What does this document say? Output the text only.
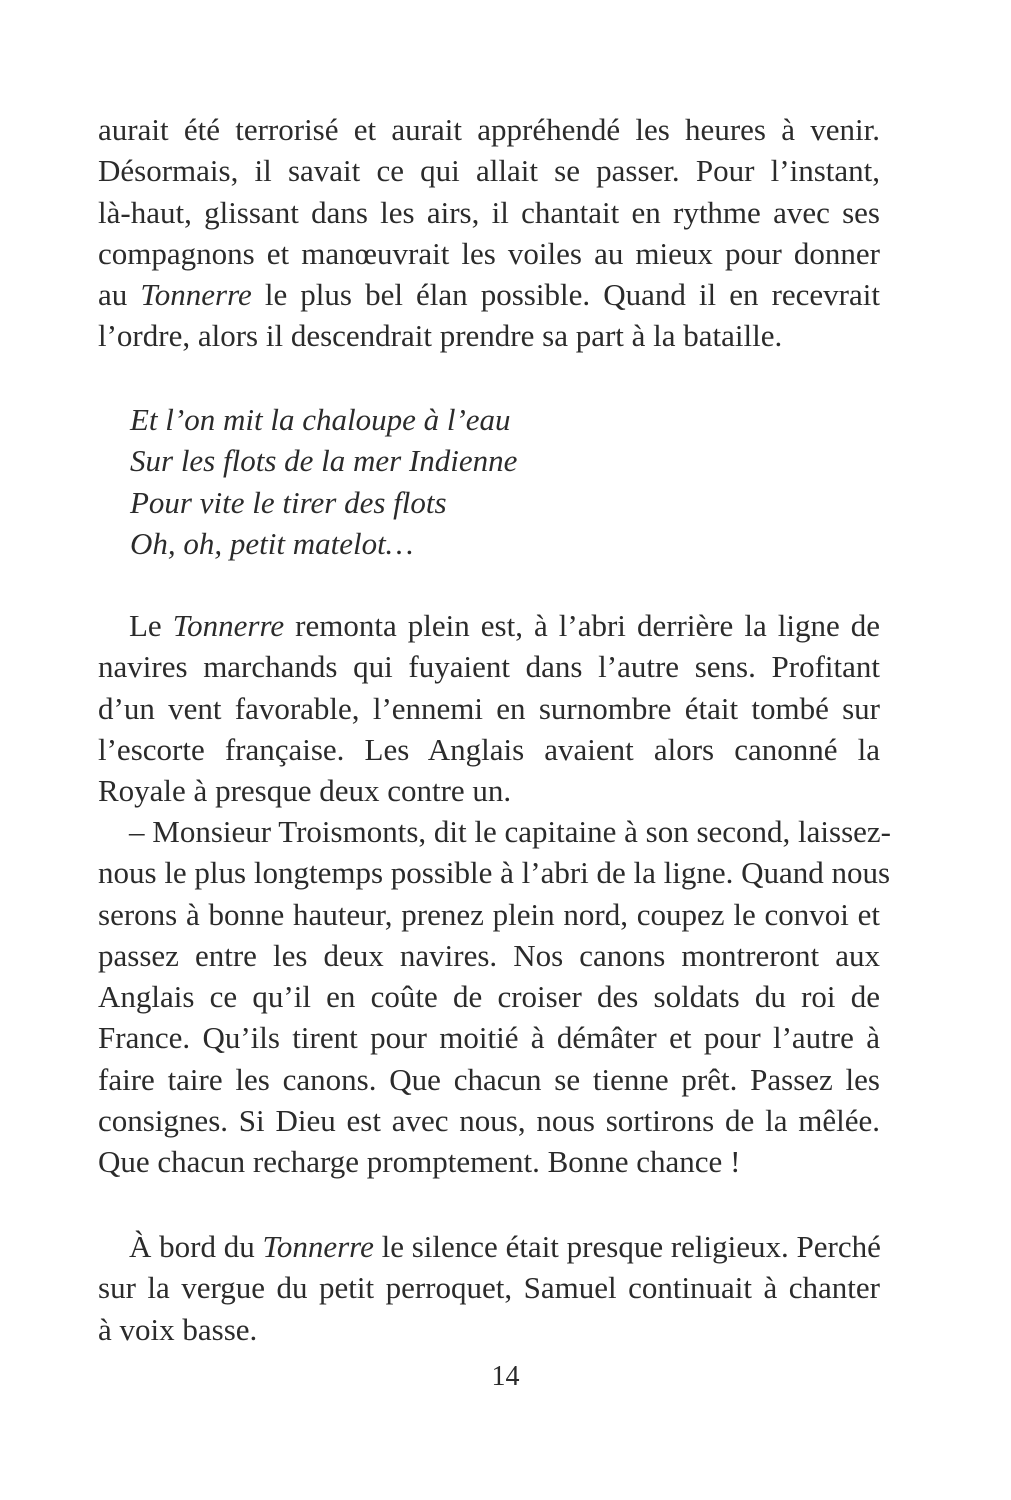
aurait été terrorisé et aurait appréhendé les heures à venir.
Désormais, il savait ce qui allait se passer. Pour l’instant,
là-haut, glissant dans les airs, il chantait en rythme avec ses
compagnons et manœuvrait les voiles au mieux pour donner
au Tonnerre le plus bel élan possible. Quand il en recevrait
l’ordre, alors il descendrait prendre sa part à la bataille.
Et l’on mit la chaloupe à l’eau
Sur les flots de la mer Indienne
Pour vite le tirer des flots
Oh, oh, petit matelot…
Le Tonnerre remonta plein est, à l’abri derrière la ligne de
navires marchands qui fuyaient dans l’autre sens. Profitant
d’un vent favorable, l’ennemi en surnombre était tombé sur
l’escorte française. Les Anglais avaient alors canonné la
Royale à presque deux contre un.
– Monsieur Troismonts, dit le capitaine à son second, laissez-
nous le plus longtemps possible à l’abri de la ligne. Quand nous
serons à bonne hauteur, prenez plein nord, coupez le convoi et
passez entre les deux navires. Nos canons montreront aux
Anglais ce qu’il en coûte de croiser des soldats du roi de
France. Qu’ils tirent pour moitié à démâter et pour l’autre à
faire taire les canons. Que chacun se tienne prêt. Passez les
consignes. Si Dieu est avec nous, nous sortirons de la mêlée.
Que chacun recharge promptement. Bonne chance !
À bord du Tonnerre le silence était presque religieux. Perché
sur la vergue du petit perroquet, Samuel continuait à chanter
à voix basse.
14
